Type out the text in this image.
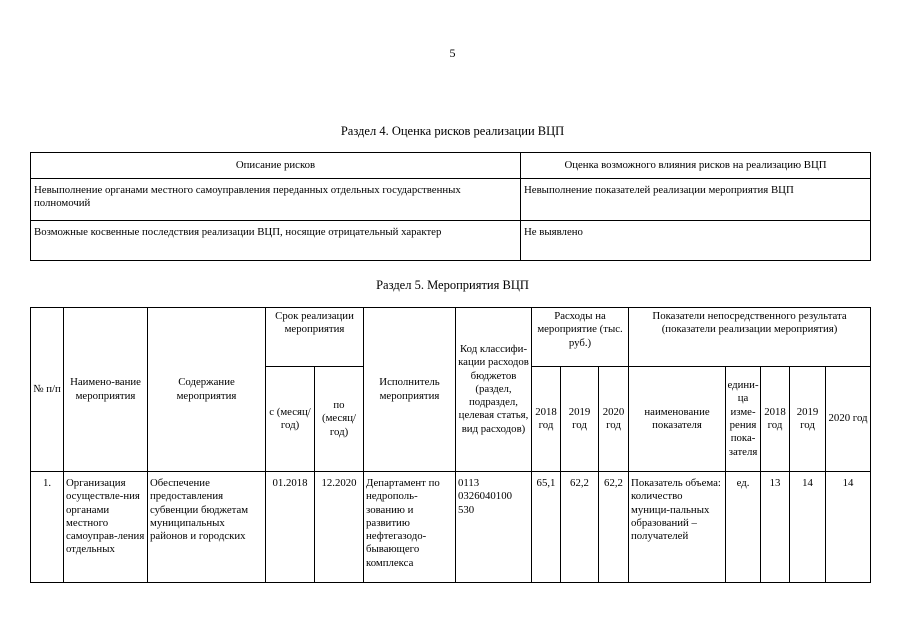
5
Раздел 4. Оценка рисков реализации ВЦП
Описание рисков	Оценка возможного влияния рисков на реализацию ВЦП
Невыполнение органами местного самоуправления переданных отдельных государственных полномочий	Невыполнение показателей реализации мероприятия ВЦП
Возможные косвенные последствия реализации ВЦП, носящие отрицательный характер	Не выявлено
Раздел 5. Мероприятия ВЦП
№ п/п	Наимено-вание мероприятия	Содержание мероприятия	Срок реализации мероприятия		Исполнитель мероприятия	Код классифи-кации расходов бюджетов (раздел, подраздел, целевая статья, вид расходов)	Расходы на мероприятие (тыс. руб.)			Показатели непосредственного результата (показатели реализации мероприятия)				
			с (месяц/ год)	по (месяц/ год)			2018 год	2019 год	2020 год	наименование показателя	едини-ца изме-рения пока-зателя	2018 год	2019 год	2020 год

1.	Организация осуществле-ния органами местного самоуправ-ления отдельных	Обеспечение предоставления субвенции бюджетам муниципальных районов и городских	01.2018	12.2020	Департамент по недрополь-зованию и развитию нефтегазодо-бывающего комплекса	0113 0326040100 530	65,1	62,2	62,2	Показатель объема: количество муници-пальных образований – получателей	ед.	13	14	14
